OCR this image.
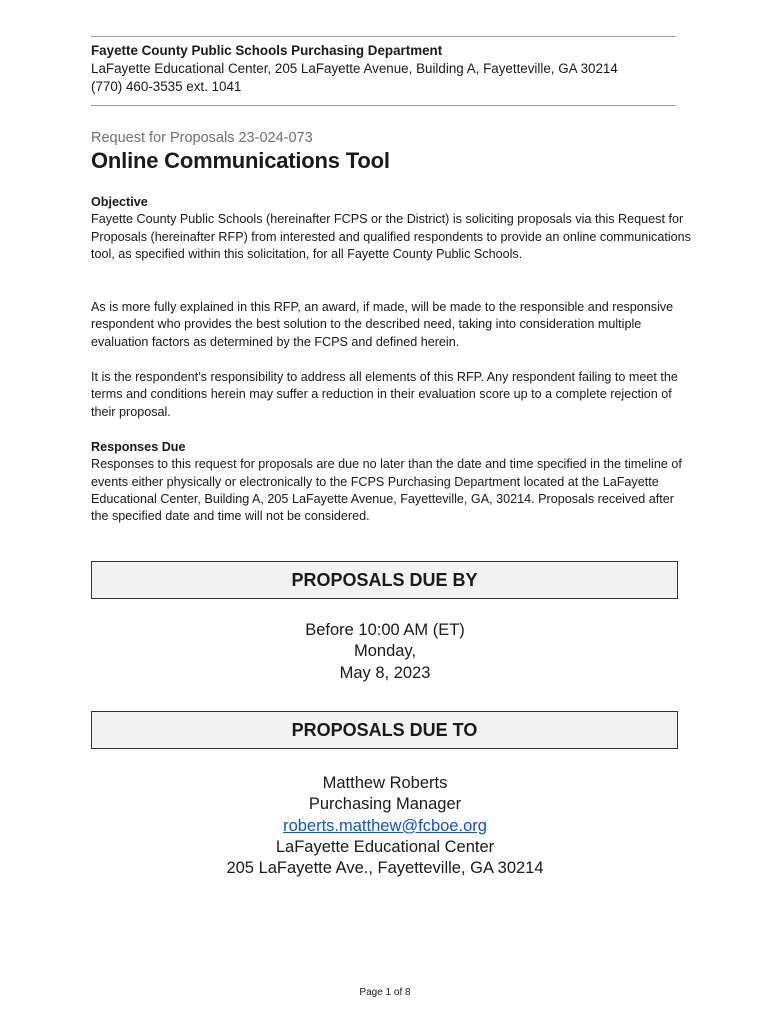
Fayette County Public Schools Purchasing Department
LaFayette Educational Center, 205 LaFayette Avenue, Building A, Fayetteville, GA 30214
(770) 460-3535 ext. 1041
Request for Proposals 23-024-073
Online Communications Tool
Objective
Fayette County Public Schools (hereinafter FCPS or the District) is soliciting proposals via this Request for Proposals (hereinafter RFP) from interested and qualified respondents to provide an online communications tool, as specified within this solicitation, for all Fayette County Public Schools.
As is more fully explained in this RFP, an award, if made, will be made to the responsible and responsive respondent who provides the best solution to the described need, taking into consideration multiple evaluation factors as determined by the FCPS and defined herein.
It is the respondent’s responsibility to address all elements of this RFP. Any respondent failing to meet the terms and conditions herein may suffer a reduction in their evaluation score up to a complete rejection of their proposal.
Responses Due
Responses to this request for proposals are due no later than the date and time specified in the timeline of events either physically or electronically to the FCPS Purchasing Department located at the LaFayette Educational Center, Building A, 205 LaFayette Avenue, Fayetteville, GA, 30214. Proposals received after the specified date and time will not be considered.
PROPOSALS DUE BY
Before 10:00 AM (ET)
Monday,
May 8, 2023
PROPOSALS DUE TO
Matthew Roberts
Purchasing Manager
roberts.matthew@fcboe.org
LaFayette Educational Center
205 LaFayette Ave., Fayetteville, GA 30214
Page 1 of 8
